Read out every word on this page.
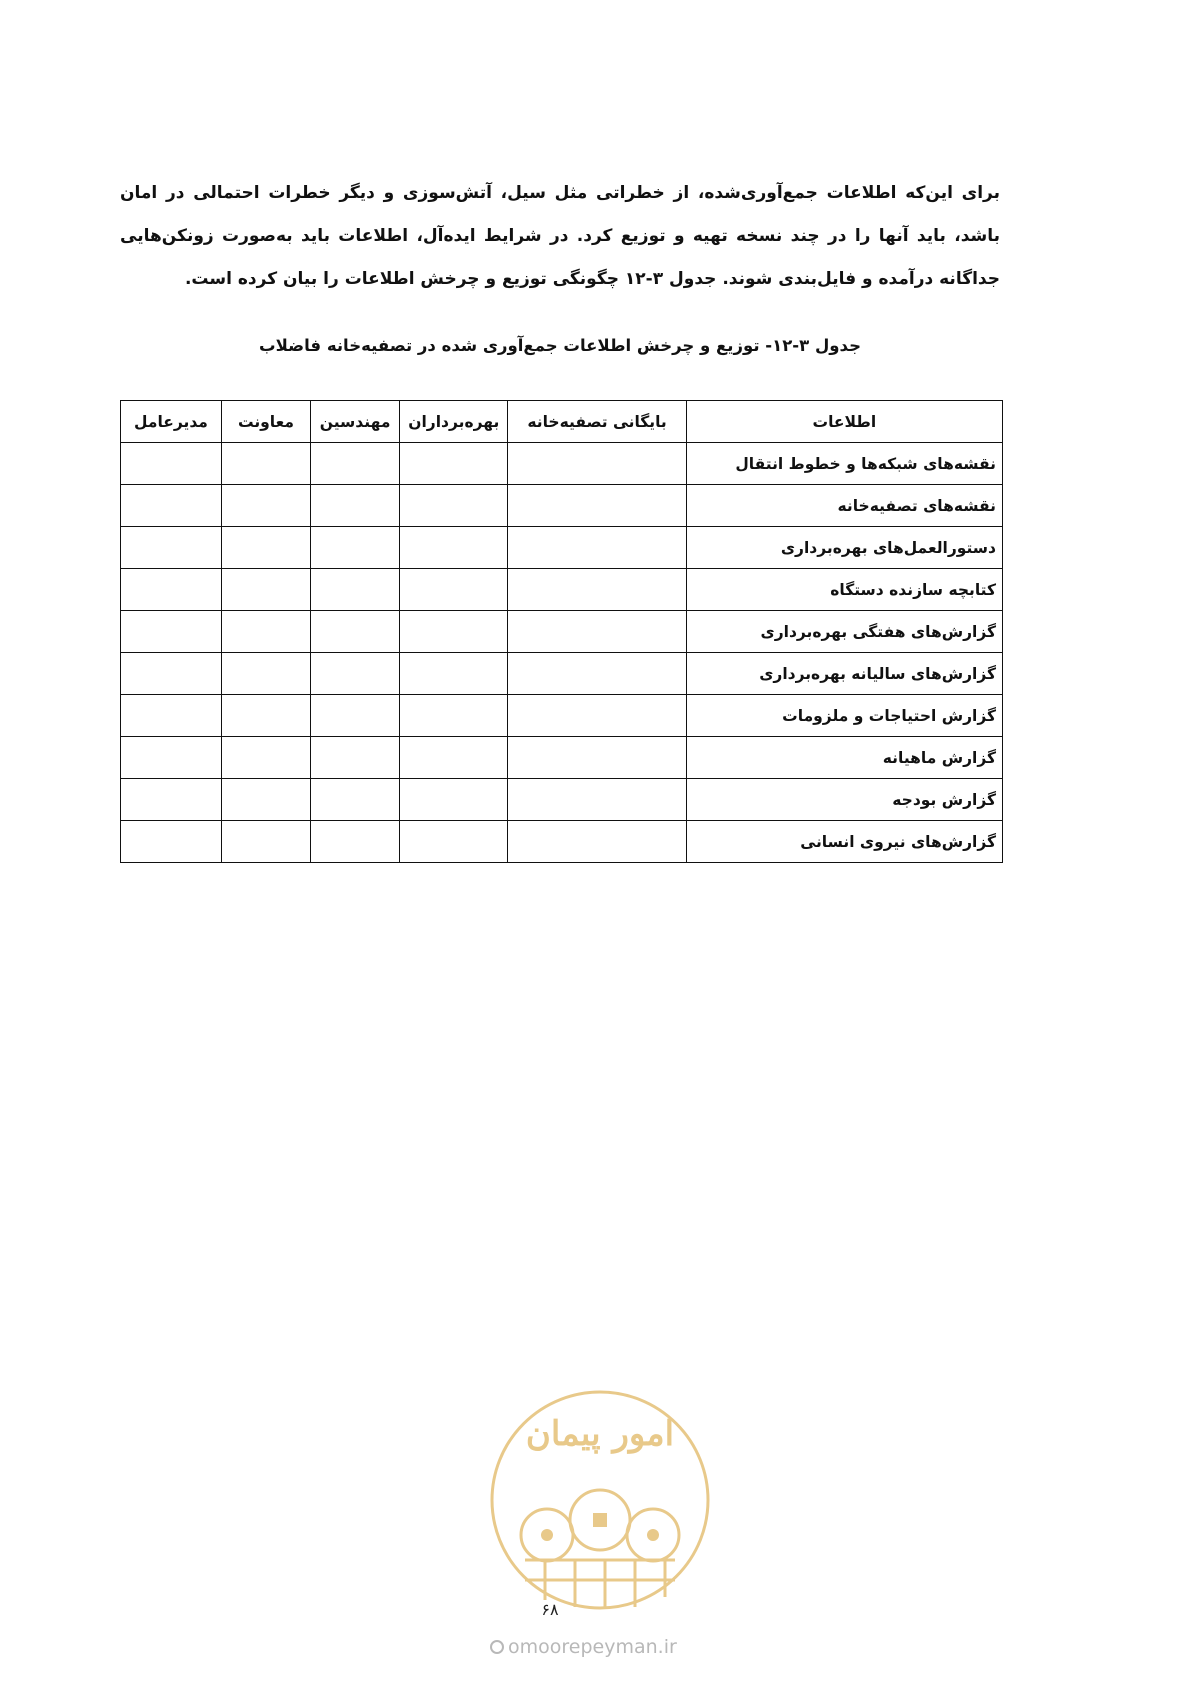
برای این‌که اطلاعات جمع‌آوری‌شده، از خطراتی مثل سیل، آتش‌سوزی و دیگر خطرات احتمالی در امان باشد، باید آنها را در چند نسخه تهیه و توزیع کرد. در شرایط ایده‌آل، اطلاعات باید به‌صورت زونکن‌هایی جداگانه درآمده و فایل‌بندی شوند. جدول ۳-۱۲ چگونگی توزیع و چرخش اطلاعات را بیان کرده است.

جدول ۳-۱۲- توزیع و چرخش اطلاعات جمع‌آوری شده در تصفیه‌خانه فاضلاب

اطلاعات	بایگانی تصفیه‌خانه	بهره‌برداران	مهندسین	معاونت	مدیرعامل
نقشه‌های شبکه‌ها و خطوط انتقال					
نقشه‌های تصفیه‌خانه					
دستورالعمل‌های بهره‌برداری					
کتابچه سازنده دستگاه					
گزارش‌های هفتگی بهره‌برداری					
گزارش‌های سالیانه بهره‌برداری					
گزارش احتیاجات و ملزومات					
گزارش ماهیانه					
گزارش بودجه					
گزارش‌های نیروی انسانی					
امور پیمان
۶۸
omoorepeyman.ir
